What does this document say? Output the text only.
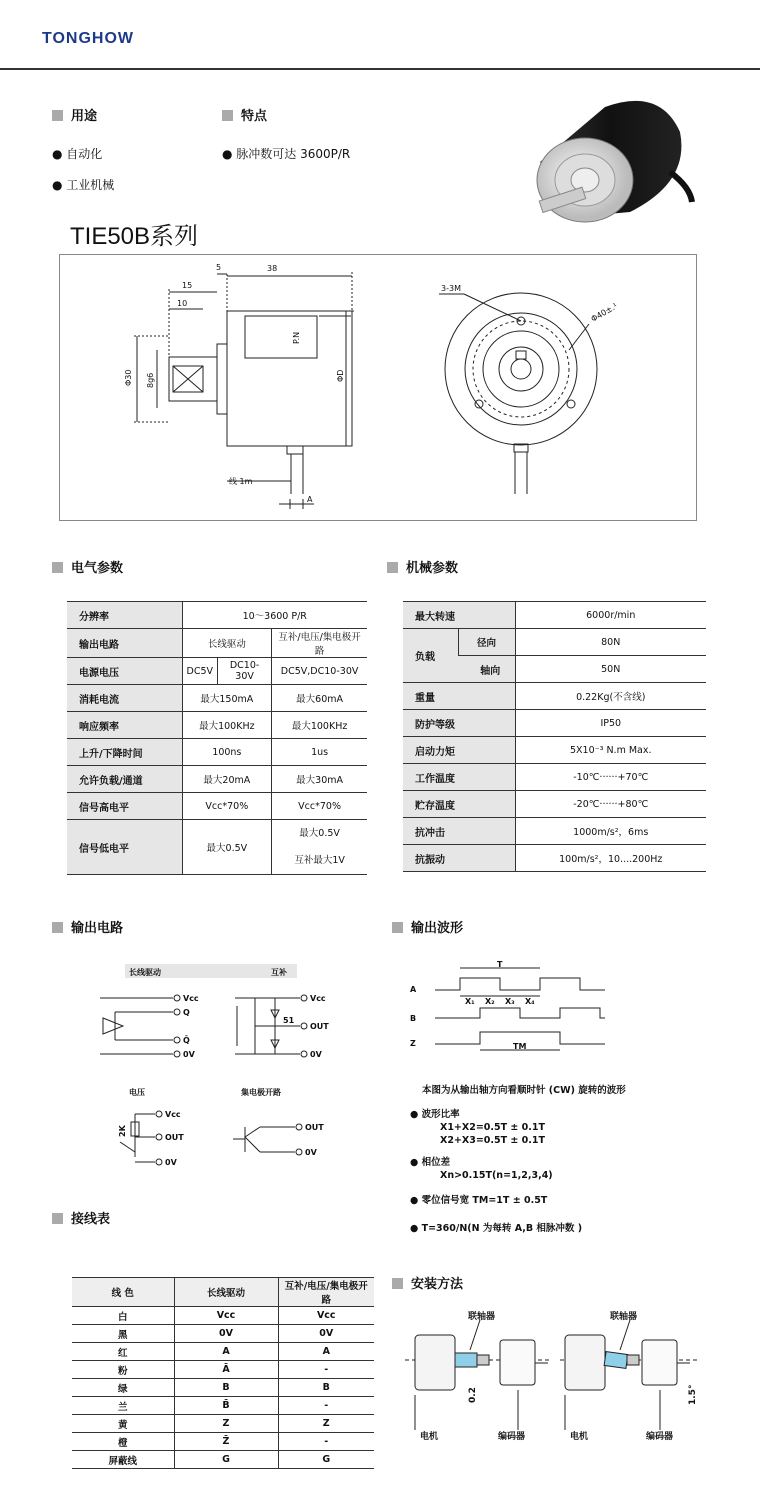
TONGHOW
用途	特点
● 自动化
● 工业机械
● 脉冲数可达 3600P/R
TIE50B系列
5	38
15
10
Φ30 8g6
P.N
ΦD
线 1m
A
3-3M
Φ40±.¹
电气参数
分辨率	10～3600 P/R		
输出电路	长线驱动		互补/电压/集电极开路
电源电压	DC5V	DC10-30V	DC5V,DC10-30V
消耗电流	最大150mA		最大60mA
响应频率	最大100KHz		最大100KHz
上升/下降时间	100ns		1us
允许负载/通道	最大20mA		最大30mA
信号高电平	Vcc*70%		Vcc*70%
信号低电平	最大0.5V		最大0.5V
互补最大1V
机械参数
最大转速		6000r/min
负载	径向	80N
	轴向	50N
重量		0.22Kg(不含线)
防护等级		IP50
启动力矩		5X10⁻³ N.m Max.
工作温度		-10℃······+70℃
贮存温度		-20℃······+80℃
抗冲击		1000m/s²，6ms
抗振动		100m/s²，10....200Hz
输出电路
长线驱动	互补
Vcc
Q
Q̄
0V
Vcc
OUT
0V
51
电压	集电极开路
Vcc
OUT
0V
2K	OUT
0V
输出波形
A
B
Z
T
X₁ X₂ X₃ X₄
TM
本图为从输出轴方向看顺时针 (CW) 旋转的波形
● 波形比率
X1+X2=0.5T ± 0.1T
X2+X3=0.5T ± 0.1T
● 相位差
Xn>0.15T(n=1,2,3,4)
● 零位信号宽 TM=1T ± 0.5T
● T=360/N(N 为每转 A,B 相脉冲数 )
接线表
线 色	长线驱动	互补/电压/集电极开路
白	Vcc	Vcc
黑	0V	0V
红	A	A
粉	Ā	-
绿	B	B
兰	B̄	-
黄	Z	Z
橙	Z̄	-
屏蔽线	G	G
安装方法
联轴器	联轴器
电机	编码器	电机	编码器
0.2	1.5°
